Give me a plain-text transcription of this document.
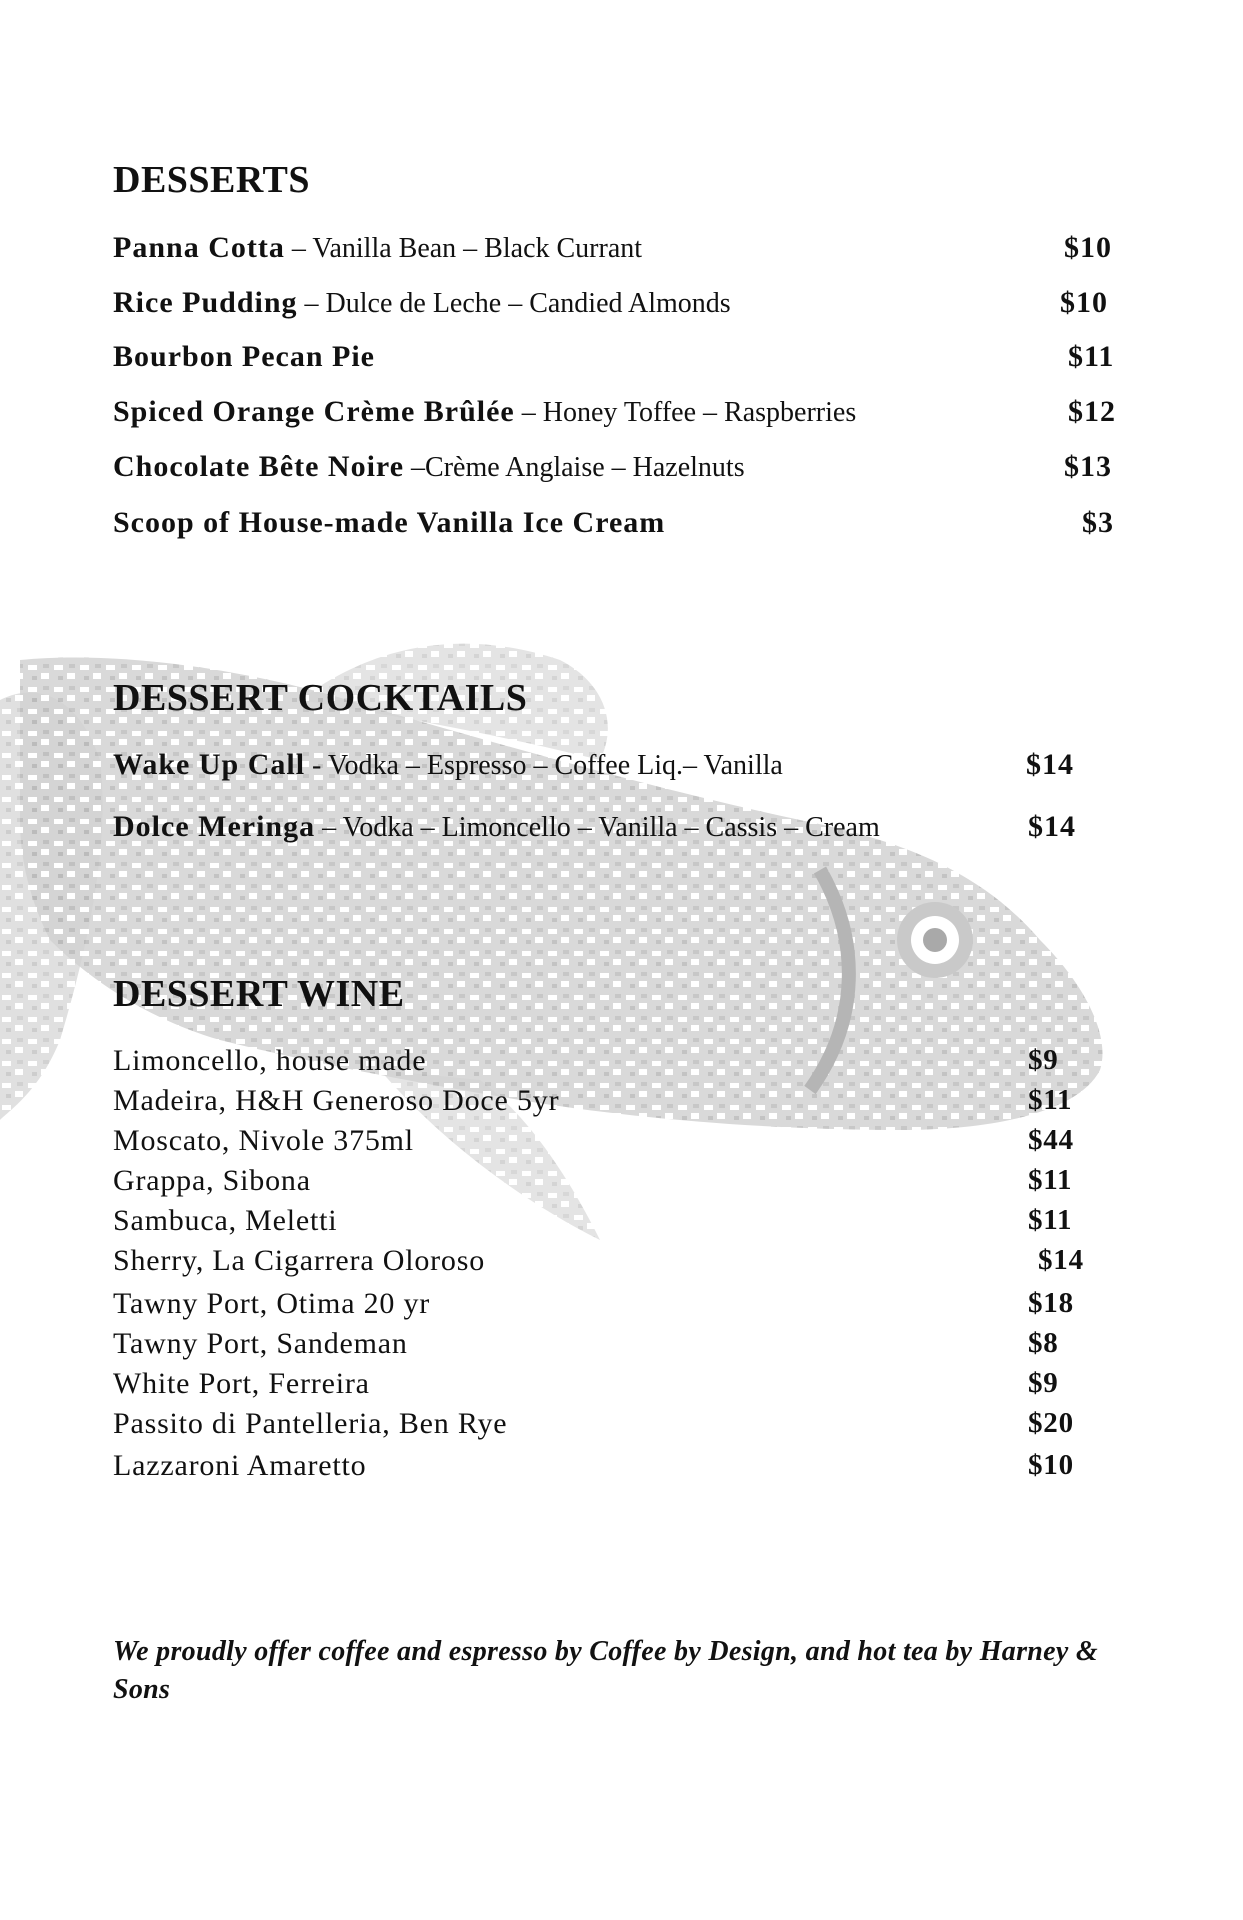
DESSERTS
Panna Cotta – Vanilla Bean – Black Currant	$10
Rice Pudding – Dulce de Leche – Candied Almonds	$10
Bourbon Pecan Pie	$11
Spiced Orange Crème Brûlée – Honey Toffee – Raspberries	$12
Chocolate Bête Noire –Crème Anglaise – Hazelnuts	$13
Scoop of House-made Vanilla Ice Cream	$3
DESSERT COCKTAILS
Wake Up Call - Vodka – Espresso – Coffee Liq.– Vanilla	$14
Dolce Meringa – Vodka – Limoncello – Vanilla – Cassis – Cream	$14
DESSERT WINE
Limoncello, house made	$9
Madeira, H&H Generoso Doce 5yr	$11
Moscato, Nivole 375ml	$44
Grappa, Sibona	$11
Sambuca, Meletti	$11
Sherry, La Cigarrera Oloroso	$14
Tawny Port, Otima 20 yr	$18
Tawny Port, Sandeman	$8
White Port, Ferreira	$9
Passito di Pantelleria, Ben Rye	$20
Lazzaroni Amaretto	$10
We proudly offer coffee and espresso by Coffee by Design, and hot tea by Harney & Sons
